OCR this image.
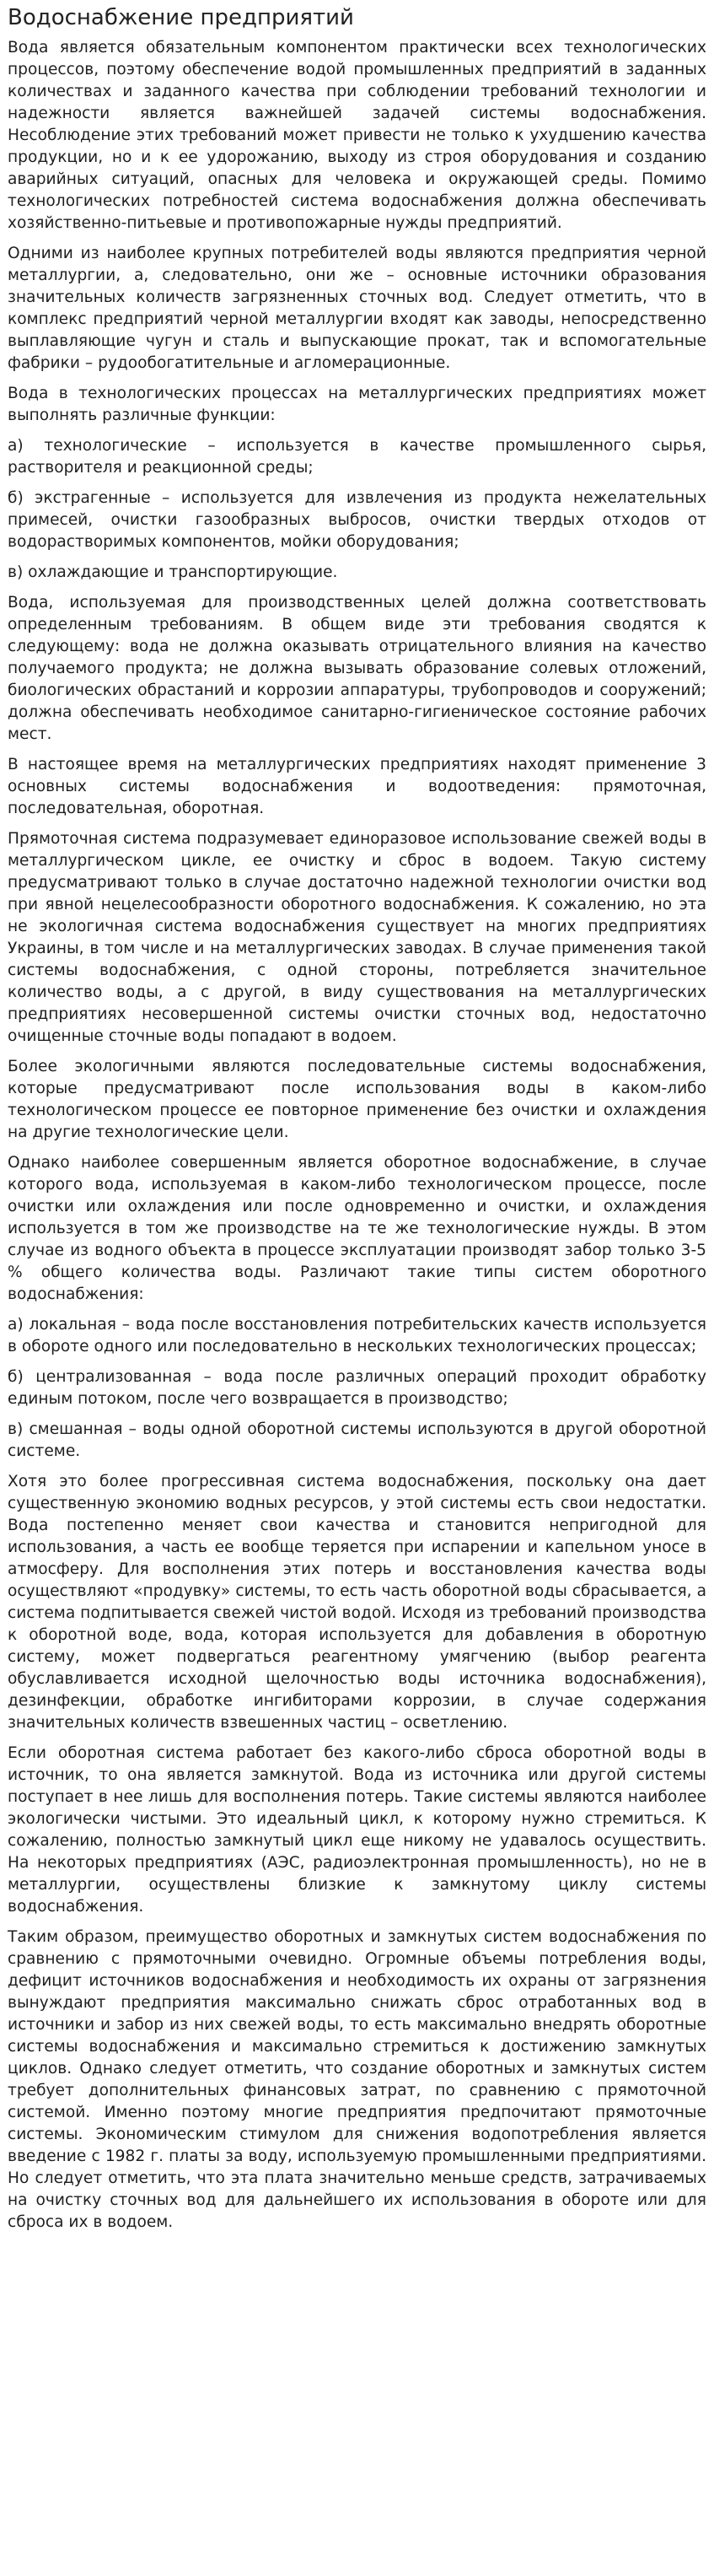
Водоснабжение предприятий

Вода является обязательным компонентом практически всех технологических процессов, поэтому обеспечение водой промышленных предприятий в заданных количествах и заданного качества при соблюдении требований технологии и надежности является важнейшей задачей системы водоснабжения. Несоблюдение этих требований может привести не только к ухудшению качества продукции, но и к ее удорожанию, выходу из строя оборудования и созданию аварийных ситуаций, опасных для человека и окружающей среды. Помимо технологических потребностей система водоснабжения должна обеспечивать хозяйственно-питьевые и противопожарные нужды предприятий.

Одними из наиболее крупных потребителей воды являются предприятия черной металлургии, а, следовательно, они же – основные источники образования значительных количеств загрязненных сточных вод. Следует отметить, что в комплекс предприятий черной металлургии входят как заводы, непосредственно выплавляющие чугун и сталь и выпускающие прокат, так и вспомогательные фабрики – рудообогатительные и агломерационные.

Вода в технологических процессах на металлургических предприятиях может выполнять различные функции:

а) технологические – используется в качестве промышленного сырья, растворителя и реакционной среды;

б) экстрагенные – используется для извлечения из продукта нежелательных примесей, очистки газообразных выбросов, очистки твердых отходов от водорастворимых компонентов, мойки оборудования;

в) охлаждающие и транспортирующие.

Вода, используемая для производственных целей должна соответствовать определенным требованиям. В общем виде эти требования сводятся к следующему: вода не должна оказывать отрицательного влияния на качество получаемого продукта; не должна вызывать образование солевых отложений, биологических обрастаний и коррозии аппаратуры, трубопроводов и сооружений; должна обеспечивать необходимое санитарно-гигиеническое состояние рабочих мест.

В настоящее время на металлургических предприятиях находят применение 3 основных системы водоснабжения и водоотведения: прямоточная, последовательная, оборотная.

Прямоточная система подразумевает единоразовое использование свежей воды в металлургическом цикле, ее очистку и сброс в водоем. Такую систему предусматривают только в случае достаточно надежной технологии очистки вод при явной нецелесообразности оборотного водоснабжения. К сожалению, но эта не экологичная система водоснабжения существует на многих предприятиях Украины, в том числе и на металлургических заводах. В случае применения такой системы водоснабжения, с одной стороны, потребляется значительное количество воды, а с другой, в виду существования на металлургических предприятиях несовершенной системы очистки сточных вод, недостаточно очищенные сточные воды попадают в водоем.

Более экологичными являются последовательные системы водоснабжения, которые предусматривают после использования воды в каком-либо технологическом процессе ее повторное применение без очистки и охлаждения на другие технологические цели.

Однако наиболее совершенным является оборотное водоснабжение, в случае которого вода, используемая в каком-либо технологическом процессе, после очистки или охлаждения или после одновременно и очистки, и охлаждения используется в том же производстве на те же технологические нужды. В этом случае из водного объекта в процессе эксплуатации производят забор только 3-5 % общего количества воды. Различают такие типы систем оборотного водоснабжения:

а) локальная – вода после восстановления потребительских качеств используется в обороте одного или последовательно в нескольких технологических процессах;

б) централизованная – вода после различных операций проходит обработку единым потоком, после чего возвращается в производство;

в) смешанная – воды одной оборотной системы используются в другой оборотной системе.

Хотя это более прогрессивная система водоснабжения, поскольку она дает существенную экономию водных ресурсов, у этой системы есть свои недостатки. Вода постепенно меняет свои качества и становится непригодной для использования, а часть ее вообще теряется при испарении и капельном уносе в атмосферу. Для восполнения этих потерь и восстановления качества воды осуществляют «продувку» системы, то есть часть оборотной воды сбрасывается, а система подпитывается свежей чистой водой. Исходя из требований производства к оборотной воде, вода, которая используется для добавления в оборотную систему, может подвергаться реагентному умягчению (выбор реагента обуславливается исходной щелочностью воды источника водоснабжения), дезинфекции, обработке ингибиторами коррозии, в случае содержания значительных количеств взвешенных частиц – осветлению.

Если оборотная система работает без какого-либо сброса оборотной воды в источник, то она является замкнутой. Вода из источника или другой системы поступает в нее лишь для восполнения потерь. Такие системы являются наиболее экологически чистыми. Это идеальный цикл, к которому нужно стремиться. К сожалению, полностью замкнутый цикл еще никому не удавалось осуществить. На некоторых предприятиях (АЭС, радиоэлектронная промышленность), но не в металлургии, осуществлены близкие к замкнутому циклу системы водоснабжения.

Таким образом, преимущество оборотных и замкнутых систем водоснабжения по сравнению с прямоточными очевидно. Огромные объемы потребления воды, дефицит источников водоснабжения и необходимость их охраны от загрязнения вынуждают предприятия максимально снижать сброс отработанных вод в источники и забор из них свежей воды, то есть максимально внедрять оборотные системы водоснабжения и максимально стремиться к достижению замкнутых циклов. Однако следует отметить, что создание оборотных и замкнутых систем требует дополнительных финансовых затрат, по сравнению с прямоточной системой. Именно поэтому многие предприятия предпочитают прямоточные системы. Экономическим стимулом для снижения водопотребления является введение с 1982 г. платы за воду, используемую промышленными предприятиями. Но следует отметить, что эта плата значительно меньше средств, затрачиваемых на очистку сточных вод для дальнейшего их использования в обороте или для сброса их в водоем.
